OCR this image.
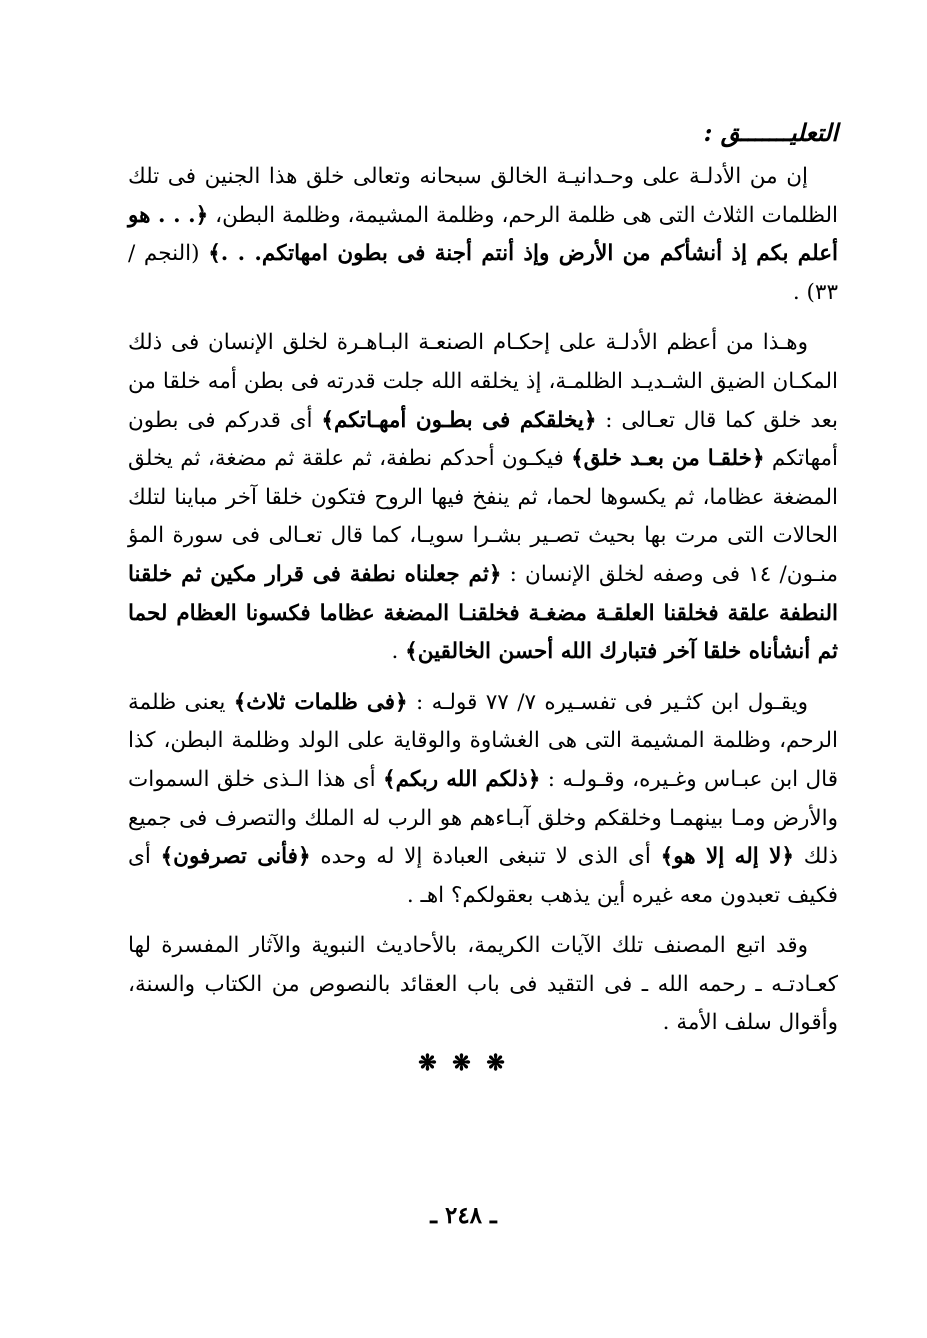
التعليـــــــق :

إن من الأدلـة على وحـدانيـة الخالق سبحانه وتعالى خلق هذا الجنين فى تلك الظلمات الثلاث التى هى ظلمة الرحم، وظلمة المشيمة، وظلمة البطن، ﴿. . . هو أعلم بكم إذ أنشأكم من الأرض وإذ أنتم أجنة فى بطون امهاتكم. . .﴾ (النجم /٣٣) .

وهـذا من أعظم الأدلـة على إحكـام الصنعـة البـاهـرة لخلق الإنسان فى ذلك المكـان الضيق الشـديـد الظلمـة، إذ يخلقه الله جلت قدرته فى بطن أمه خلقا من بعد خلق كما قال تعـالى : ﴿يخلقكم فى بطـون أمهـاتكم﴾ أى قدركم فى بطون أمهاتكم ﴿خلقـا من بعـد خلق﴾ فيكـون أحدكم نطفة، ثم علقة ثم مضغة، ثم يخلق المضغة عظاما، ثم يكسوها لحما، ثم ينفخ فيها الروح فتكون خلقا آخر مباينا لتلك الحالات التى مرت بها بحيث تصـير بشـرا سويـا، كما قال تعـالى فى سورة المؤ منـون/ ١٤ فى وصفه لخلق الإنسان : ﴿ثم جعلناه نطفة فى قرار مكين ثم خلقنا النطفة علقة فخلقنا العلقـة مضغـة فخلقنـا المضغة عظاما فكسونا العظام لحما ثم أنشأناه خلقا آخر فتبارك الله أحسن الخالقين﴾ .

ويقـول ابن كثـير فى تفسـيره ٧/ ٧٧ قولـه : ﴿فى ظلمات ثلاث﴾ يعنى ظلمة الرحم، وظلمة المشيمة التى هى الغشاوة والوقاية على الولد وظلمة البطن، كذا قال ابن عبـاس وغـيره، وقـولـه : ﴿ذلكم الله ربكم﴾ أى هذا الـذى خلق السموات والأرض ومـا بينهمـا وخلقكم وخلق آبـاءهم هو الرب له الملك والتصرف فى جميع ذلك ﴿لا إله إلا هو﴾ أى الذى لا تنبغى العبادة إلا له وحده ﴿فأنى تصرفون﴾ أى فكيف تعبدون معه غيره أين يذهب بعقولكم؟ اهـ .

وقد اتبع المصنف تلك الآيات الكريمة، بالأحاديث النبوية والآثار المفسرة لها كعـادتـه ـ رحمه الله ـ فى التقيد فى باب العقائد بالنصوص من الكتاب والسنة، وأقوال سلف الأمة .

❋ ❋ ❋
ـ ٢٤٨ ـ
